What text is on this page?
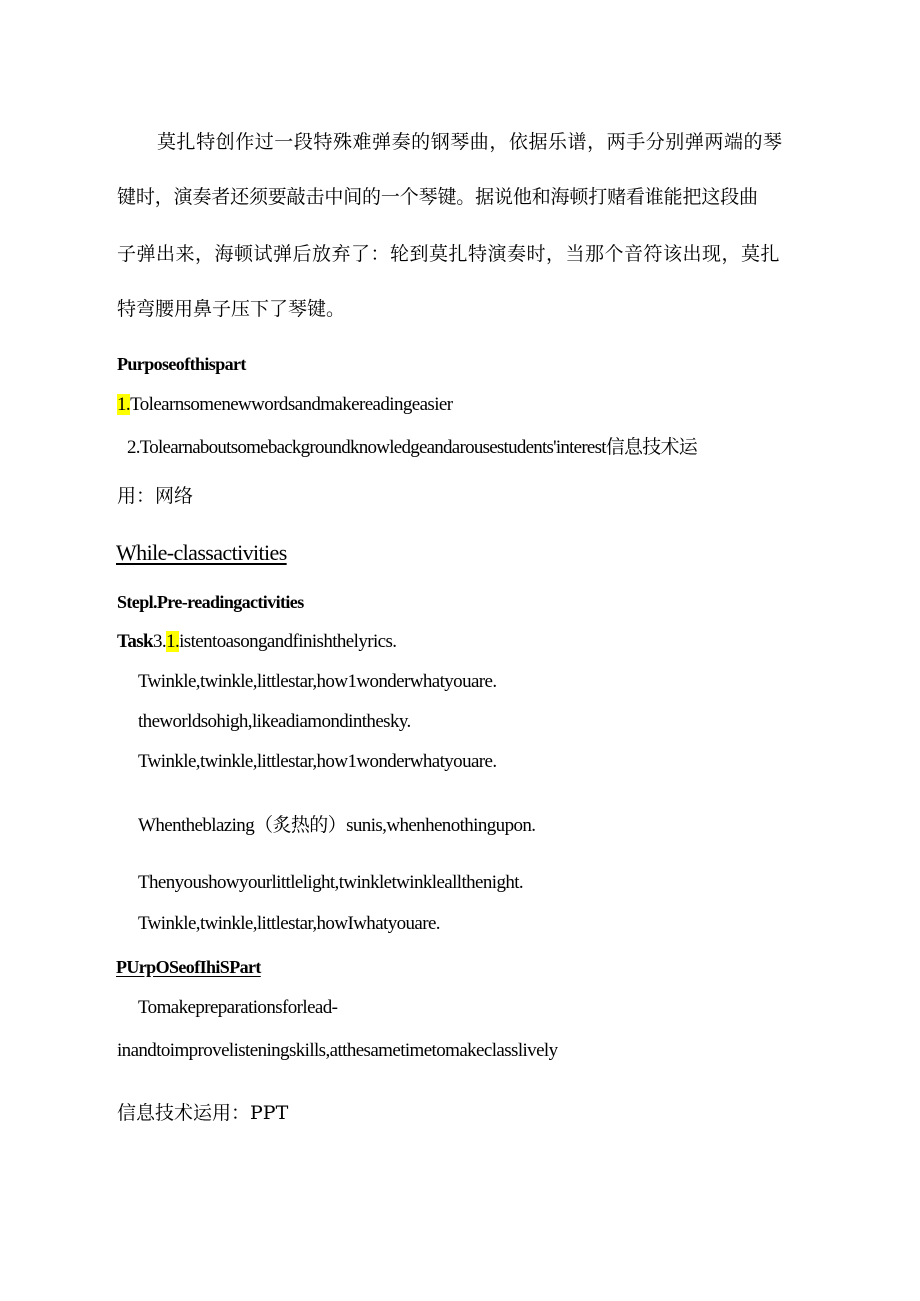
莫扎特创作过一段特殊难弹奏的钢琴曲，依据乐谱，两手分别弹两端的琴
键时，演奏者还须要敲击中间的一个琴键。据说他和海顿打赌看谁能把这段曲
子弹出来，海顿试弹后放弃了：轮到莫扎特演奏时，当那个音符该出现，莫扎
特弯腰用鼻子压下了琴键。
Purposeofthispart
1.Tolearnsomenewwordsandmakereadingeasier
2.Tolearnaboutsomebackgroundknowledgeandarousestudents'interest信息技术运
用：网络
While-classactivities
Stepl.Pre-readingactivities
Task3.1.istentoasongandfinishthelyrics.
Twinkle,twinkle,littlestar,how1wonderwhatyouare.
theworldsohigh,likeadiamondinthesky.
Twinkle,twinkle,littlestar,how1wonderwhatyouare.
Whentheblazing（炙热的）sunis,whenhenothingupon.
Thenyoushowyourlittlelight,twinkletwinkleallthenight.
Twinkle,twinkle,littlestar,howIwhatyouare.
PUrpOSeofIhiSPart
Tomakepreparationsforlead-
inandtoimprovelisteningskills,atthesametimetomakeclasslively
信息技术运用：PPT
